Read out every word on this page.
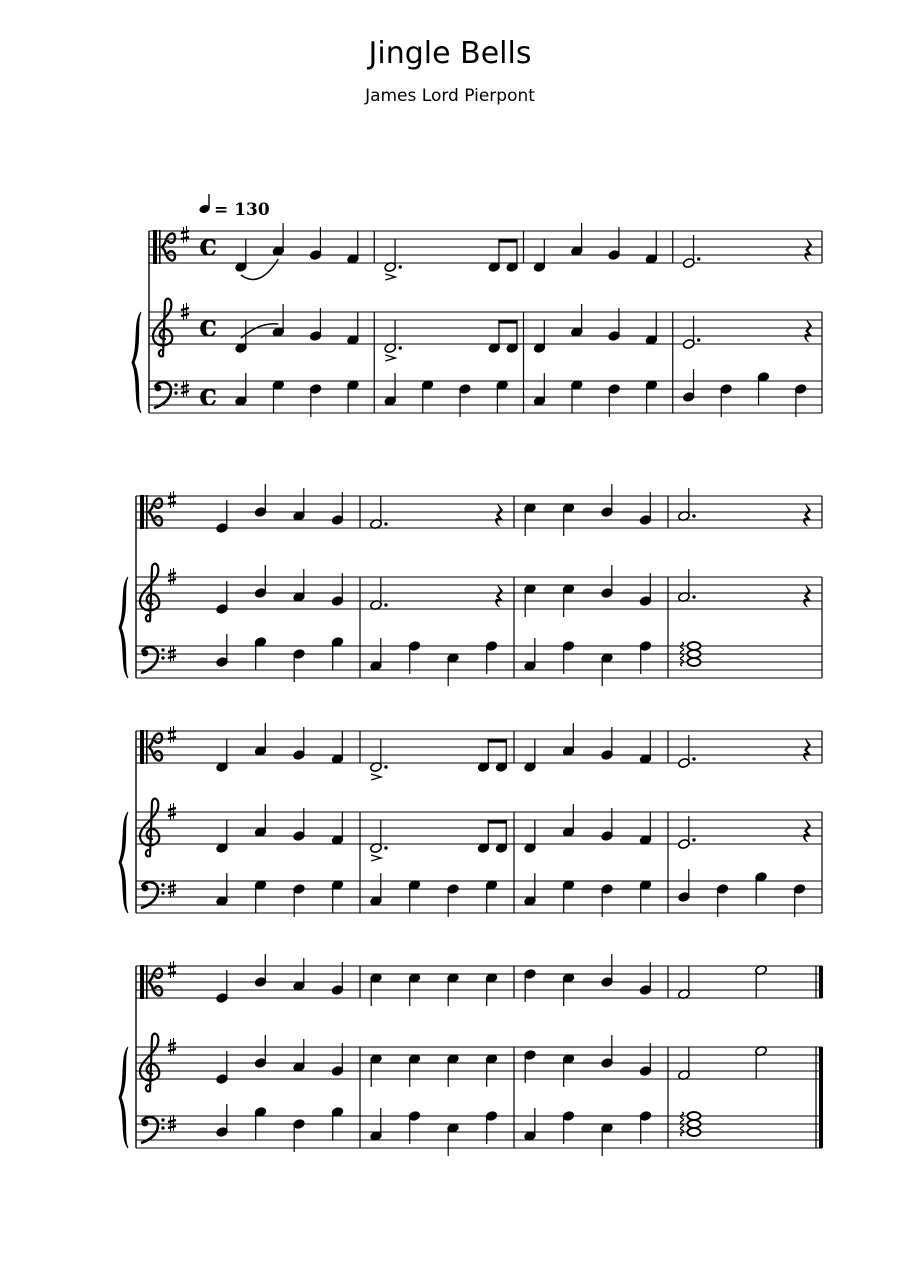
Jingle Bells
James Lord Pierpont
= 130
c
c
c
